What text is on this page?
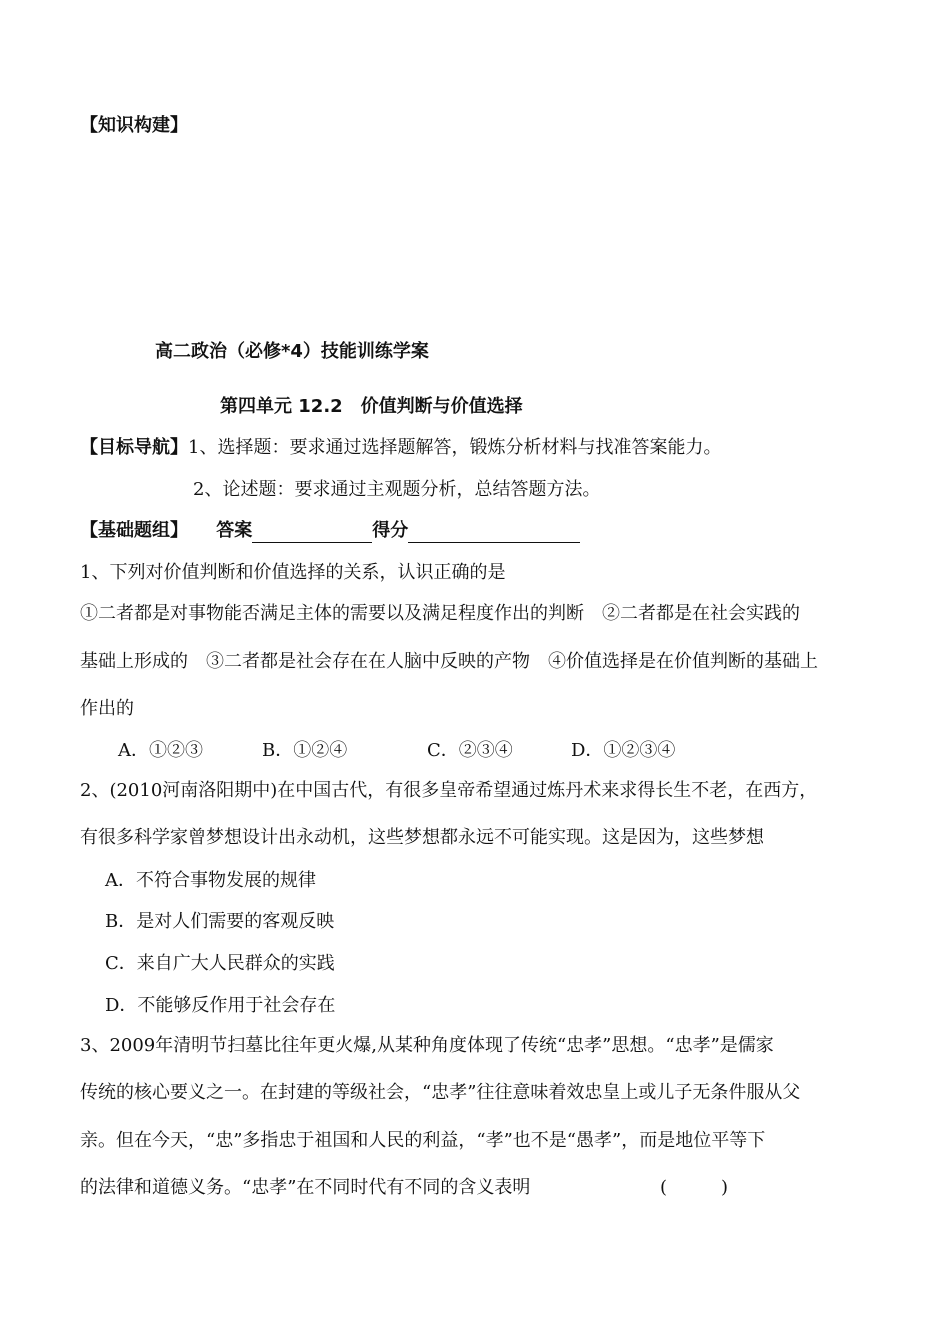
【知识构建】
高二政治（必修*4）技能训练学案
第四单元 12.2　价值判断与价值选择
【目标导航】1、选择题：要求通过选择题解答，锻炼分析材料与找准答案能力。
2、论述题：要求通过主观题分析，总结答题方法。
【基础题组】 答案	得分
1、下列对价值判断和价值选择的关系，认识正确的是
①二者都是对事物能否满足主体的需要以及满足程度作出的判断　②二者都是在社会实践的
基础上形成的　③二者都是社会存在在人脑中反映的产物　④价值选择是在价值判断的基础上
作出的
A．①②③	B．①②④	C．②③④	D．①②③④
2、(2010河南洛阳期中)在中国古代，有很多皇帝希望通过炼丹术来求得长生不老，在西方，
有很多科学家曾梦想设计出永动机，这些梦想都永远不可能实现。这是因为，这些梦想
A．不符合事物发展的规律
B．是对人们需要的客观反映
C．来自广大人民群众的实践
D．不能够反作用于社会存在
3、2009年清明节扫墓比往年更火爆,从某种角度体现了传统“忠孝”思想。“忠孝”是儒家
传统的核心要义之一。在封建的等级社会，“忠孝”往往意味着效忠皇上或儿子无条件服从父
亲。但在今天，“忠”多指忠于祖国和人民的利益，“孝”也不是“愚孝”，而是地位平等下
的法律和道德义务。“忠孝”在不同时代有不同的含义表明	(　　　)
